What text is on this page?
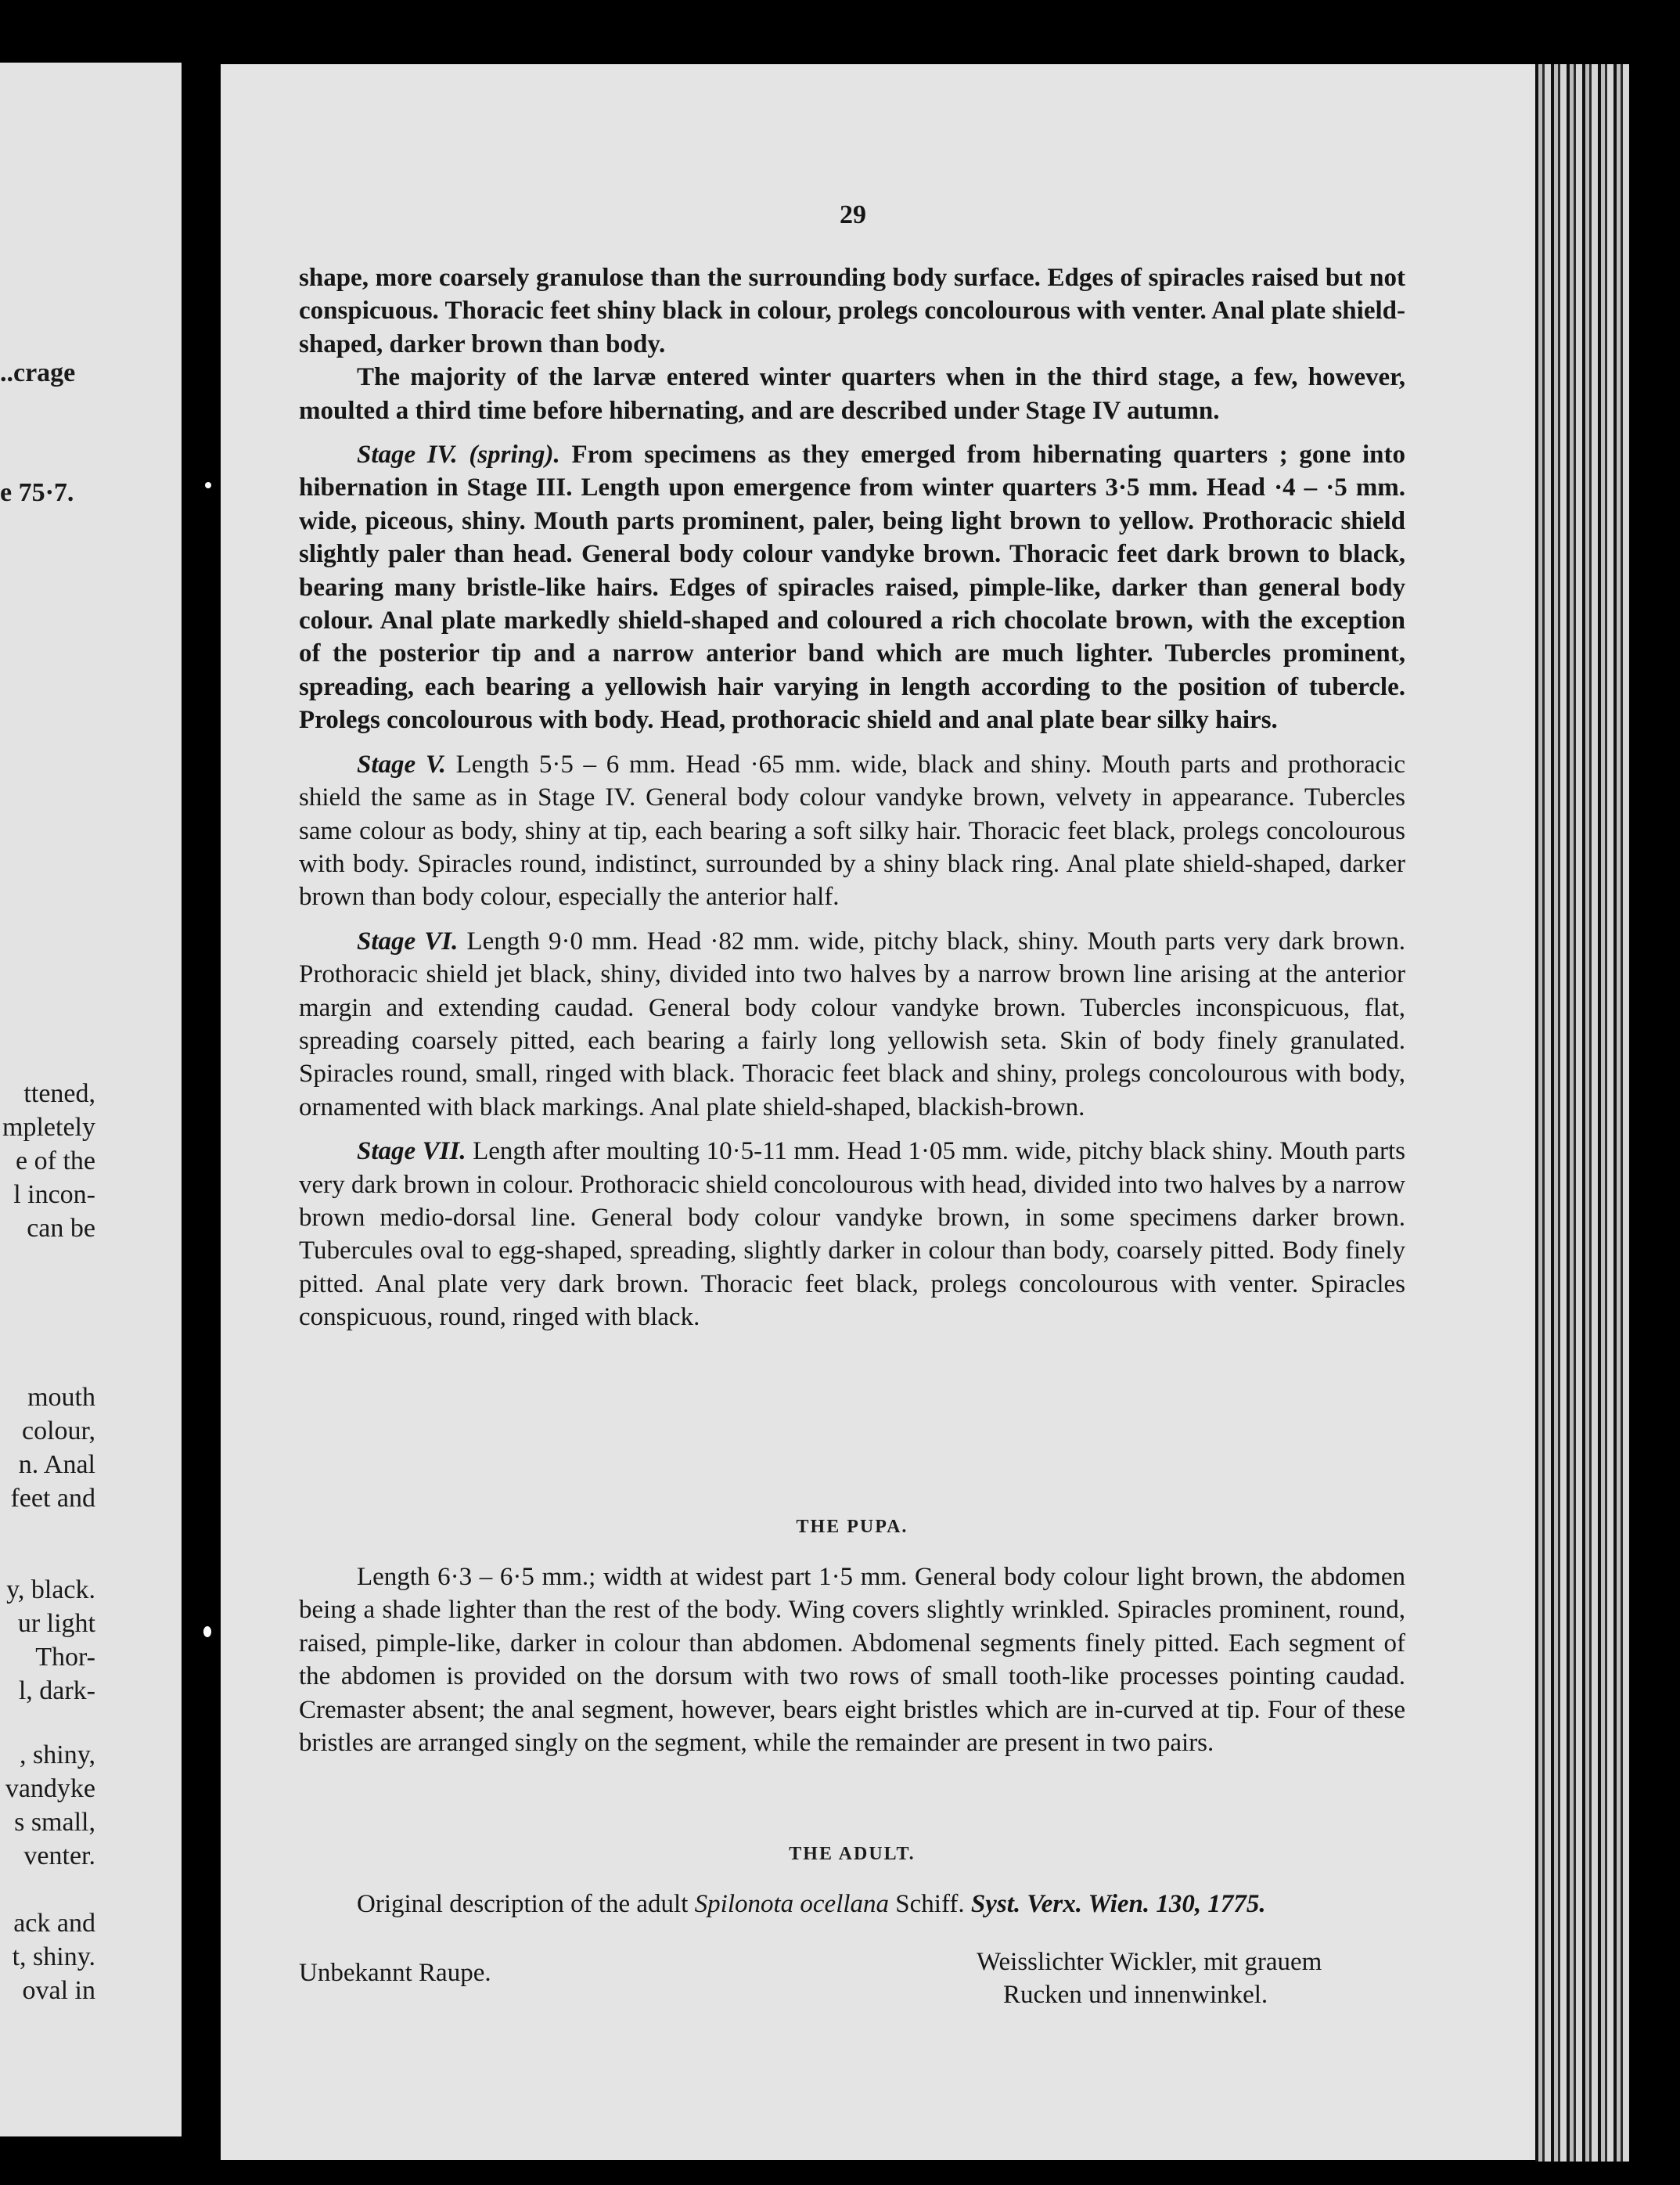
..crage
e 75·7.
ttened,
mpletely
e of the
l incon-
can be
mouth
colour,
n. Anal
feet and
y, black.
ur light
Thor-
l, dark-
, shiny,
vandyke
s small,
venter.
ack and
t, shiny.
oval in
29

shape, more coarsely granulose than the surrounding body surface. Edges of spiracles raised but not conspicuous. Thoracic feet shiny black in colour, prolegs concolourous with venter. Anal plate shield-shaped, darker brown than body.

The majority of the larvæ entered winter quarters when in the third stage, a few, however, moulted a third time before hibernating, and are described under Stage IV autumn.

Stage IV. (spring). From specimens as they emerged from hibernating quarters ; gone into hibernation in Stage III. Length upon emergence from winter quarters 3·5 mm. Head ·4 – ·5 mm. wide, piceous, shiny. Mouth parts prominent, paler, being light brown to yellow. Prothoracic shield slightly paler than head. General body colour vandyke brown. Thoracic feet dark brown to black, bearing many bristle-like hairs. Edges of spiracles raised, pimple-like, darker than general body colour. Anal plate markedly shield-shaped and coloured a rich chocolate brown, with the exception of the posterior tip and a narrow anterior band which are much lighter. Tubercles prominent, spreading, each bearing a yellowish hair varying in length according to the position of tubercle. Prolegs concolourous with body. Head, prothoracic shield and anal plate bear silky hairs.

Stage V. Length 5·5 – 6 mm. Head ·65 mm. wide, black and shiny. Mouth parts and prothoracic shield the same as in Stage IV. General body colour vandyke brown, velvety in appearance. Tubercles same colour as body, shiny at tip, each bearing a soft silky hair. Thoracic feet black, prolegs concolourous with body. Spiracles round, indistinct, surrounded by a shiny black ring. Anal plate shield-shaped, darker brown than body colour, especially the anterior half.

Stage VI. Length 9·0 mm. Head ·82 mm. wide, pitchy black, shiny. Mouth parts very dark brown. Prothoracic shield jet black, shiny, divided into two halves by a narrow brown line arising at the anterior margin and extending caudad. General body colour vandyke brown. Tubercles inconspicuous, flat, spreading coarsely pitted, each bearing a fairly long yellowish seta. Skin of body finely granulated. Spiracles round, small, ringed with black. Thoracic feet black and shiny, prolegs concolourous with body, ornamented with black markings. Anal plate shield-shaped, blackish-brown.

Stage VII. Length after moulting 10·5-11 mm. Head 1·05 mm. wide, pitchy black shiny. Mouth parts very dark brown in colour. Prothoracic shield concolourous with head, divided into two halves by a narrow brown medio-dorsal line. General body colour vandyke brown, in some specimens darker brown. Tubercules oval to egg-shaped, spreading, slightly darker in colour than body, coarsely pitted. Body finely pitted. Anal plate very dark brown. Thoracic feet black, prolegs concolourous with venter. Spiracles conspicuous, round, ringed with black.

THE PUPA.

Length 6·3 – 6·5 mm.; width at widest part 1·5 mm. General body colour light brown, the abdomen being a shade lighter than the rest of the body. Wing covers slightly wrinkled. Spiracles prominent, round, raised, pimple-like, darker in colour than abdomen. Abdomenal segments finely pitted. Each segment of the abdomen is provided on the dorsum with two rows of small tooth-like processes pointing caudad. Cremaster absent; the anal segment, however, bears eight bristles which are in-curved at tip. Four of these bristles are arranged singly on the segment, while the remainder are present in two pairs.

THE ADULT.
Original description of the adult Spilonota ocellana Schiff. Syst. Verx. Wien. 130, 1775.
Unbekannt Raupe.	Weisslichter Wickler, mit grauem
Rucken und innenwinkel.
